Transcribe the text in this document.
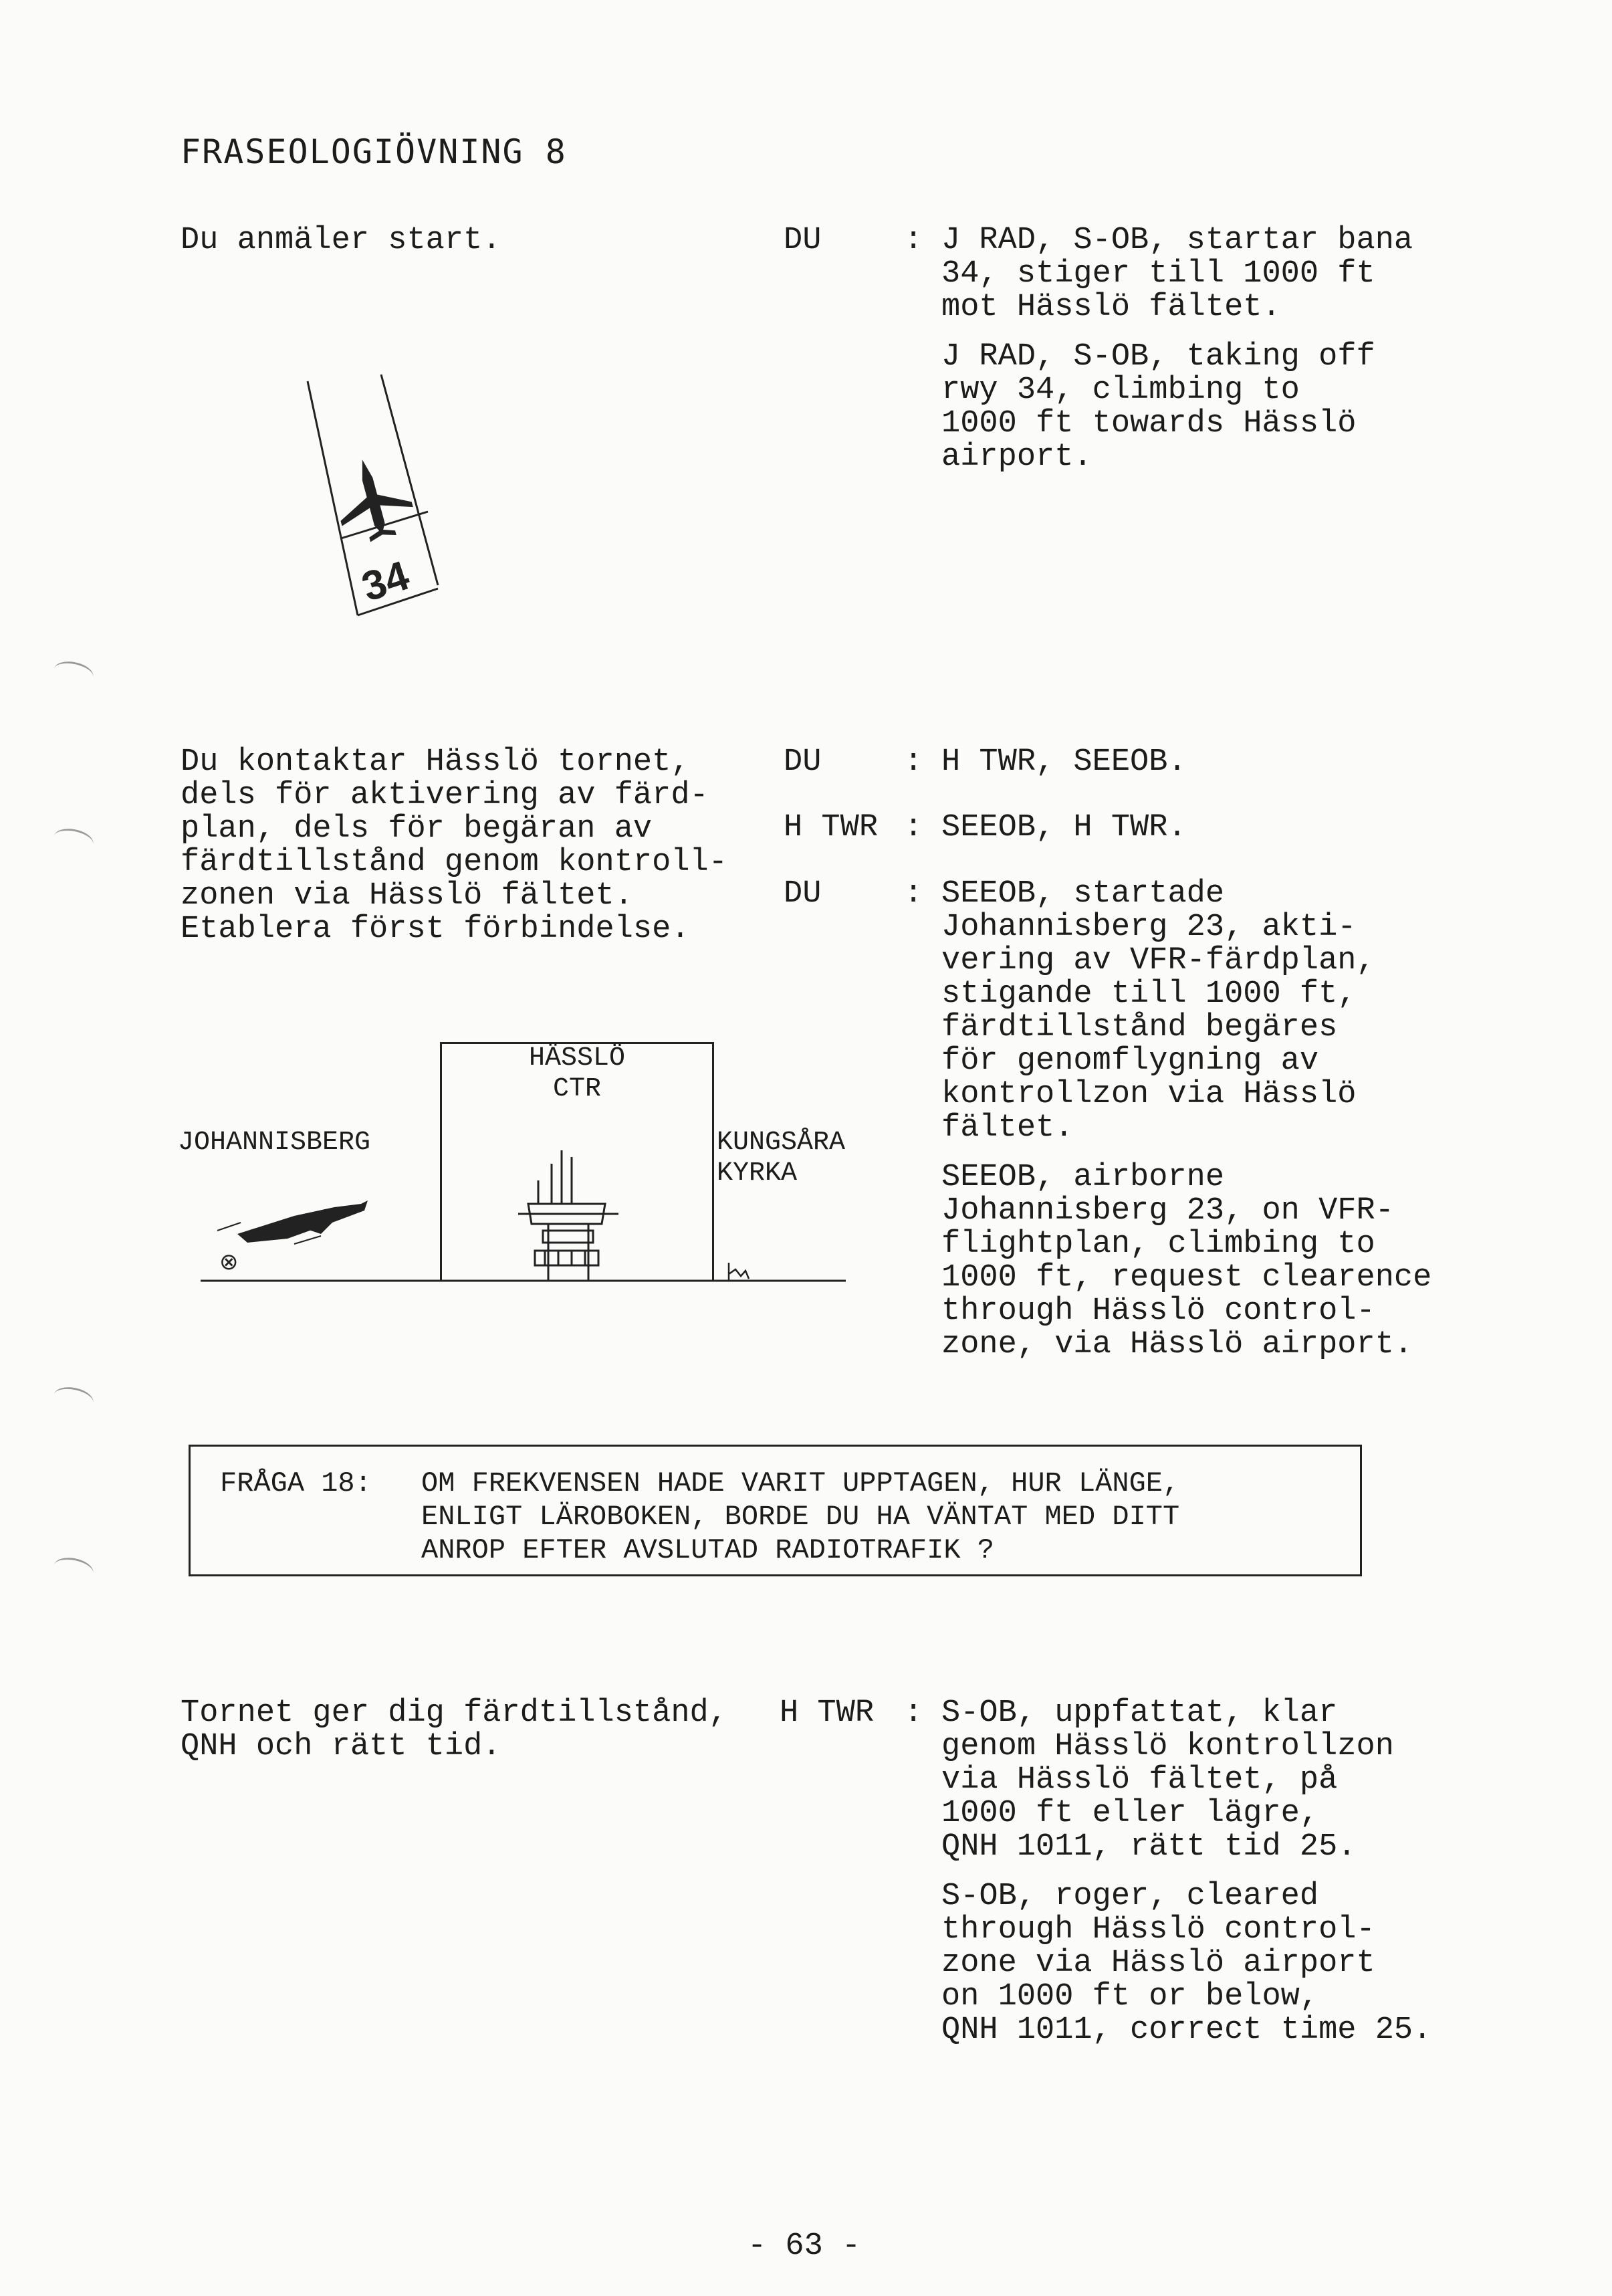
FRASEOLOGIÖVNING 8
Du anmäler start.	DU	: J RAD, S-OB, startar bana
34, stiger till 1000 ft
mot Hässlö fältet.

J RAD, S-OB, taking off
rwy 34, climbing to
1000 ft towards Hässlö
airport.

34
Du kontaktar Hässlö tornet,
dels för aktivering av färd-
plan, dels för begäran av
färdtillstånd genom kontroll-
zonen via Hässlö fältet.
Etablera först förbindelse.
DU	: H TWR, SEEOB.
H TWR : SEEOB, H TWR.
DU	: SEEOB, startade
Johannisberg 23, akti-
vering av VFR-färdplan,
stigande till 1000 ft,
färdtillstånd begäres
för genomflygning av
kontrollzon via Hässlö
fältet.

SEEOB, airborne
Johannisberg 23, on VFR-
flightplan, climbing to
1000 ft, request clearence
through Hässlö control-
zone, via Hässlö airport.

HÄSSLÖ
CTR
JOHANNISBERG	KUNGSÅRA
KYRKA
⊗
FRÅGA 18: OM FREKVENSEN HADE VARIT UPPTAGEN, HUR LÄNGE,
ENLIGT LÄROBOKEN, BORDE DU HA VÄNTAT MED DITT
ANROP EFTER AVSLUTAD RADIOTRAFIK ?
Tornet ger dig färdtillstånd,
QNH och rätt tid.
H TWR : S-OB, uppfattat, klar
genom Hässlö kontrollzon
via Hässlö fältet, på
1000 ft eller lägre,
QNH 1011, rätt tid 25.

S-OB, roger, cleared
through Hässlö control-
zone via Hässlö airport
on 1000 ft or below,
QNH 1011, correct time 25.

- 63 -
